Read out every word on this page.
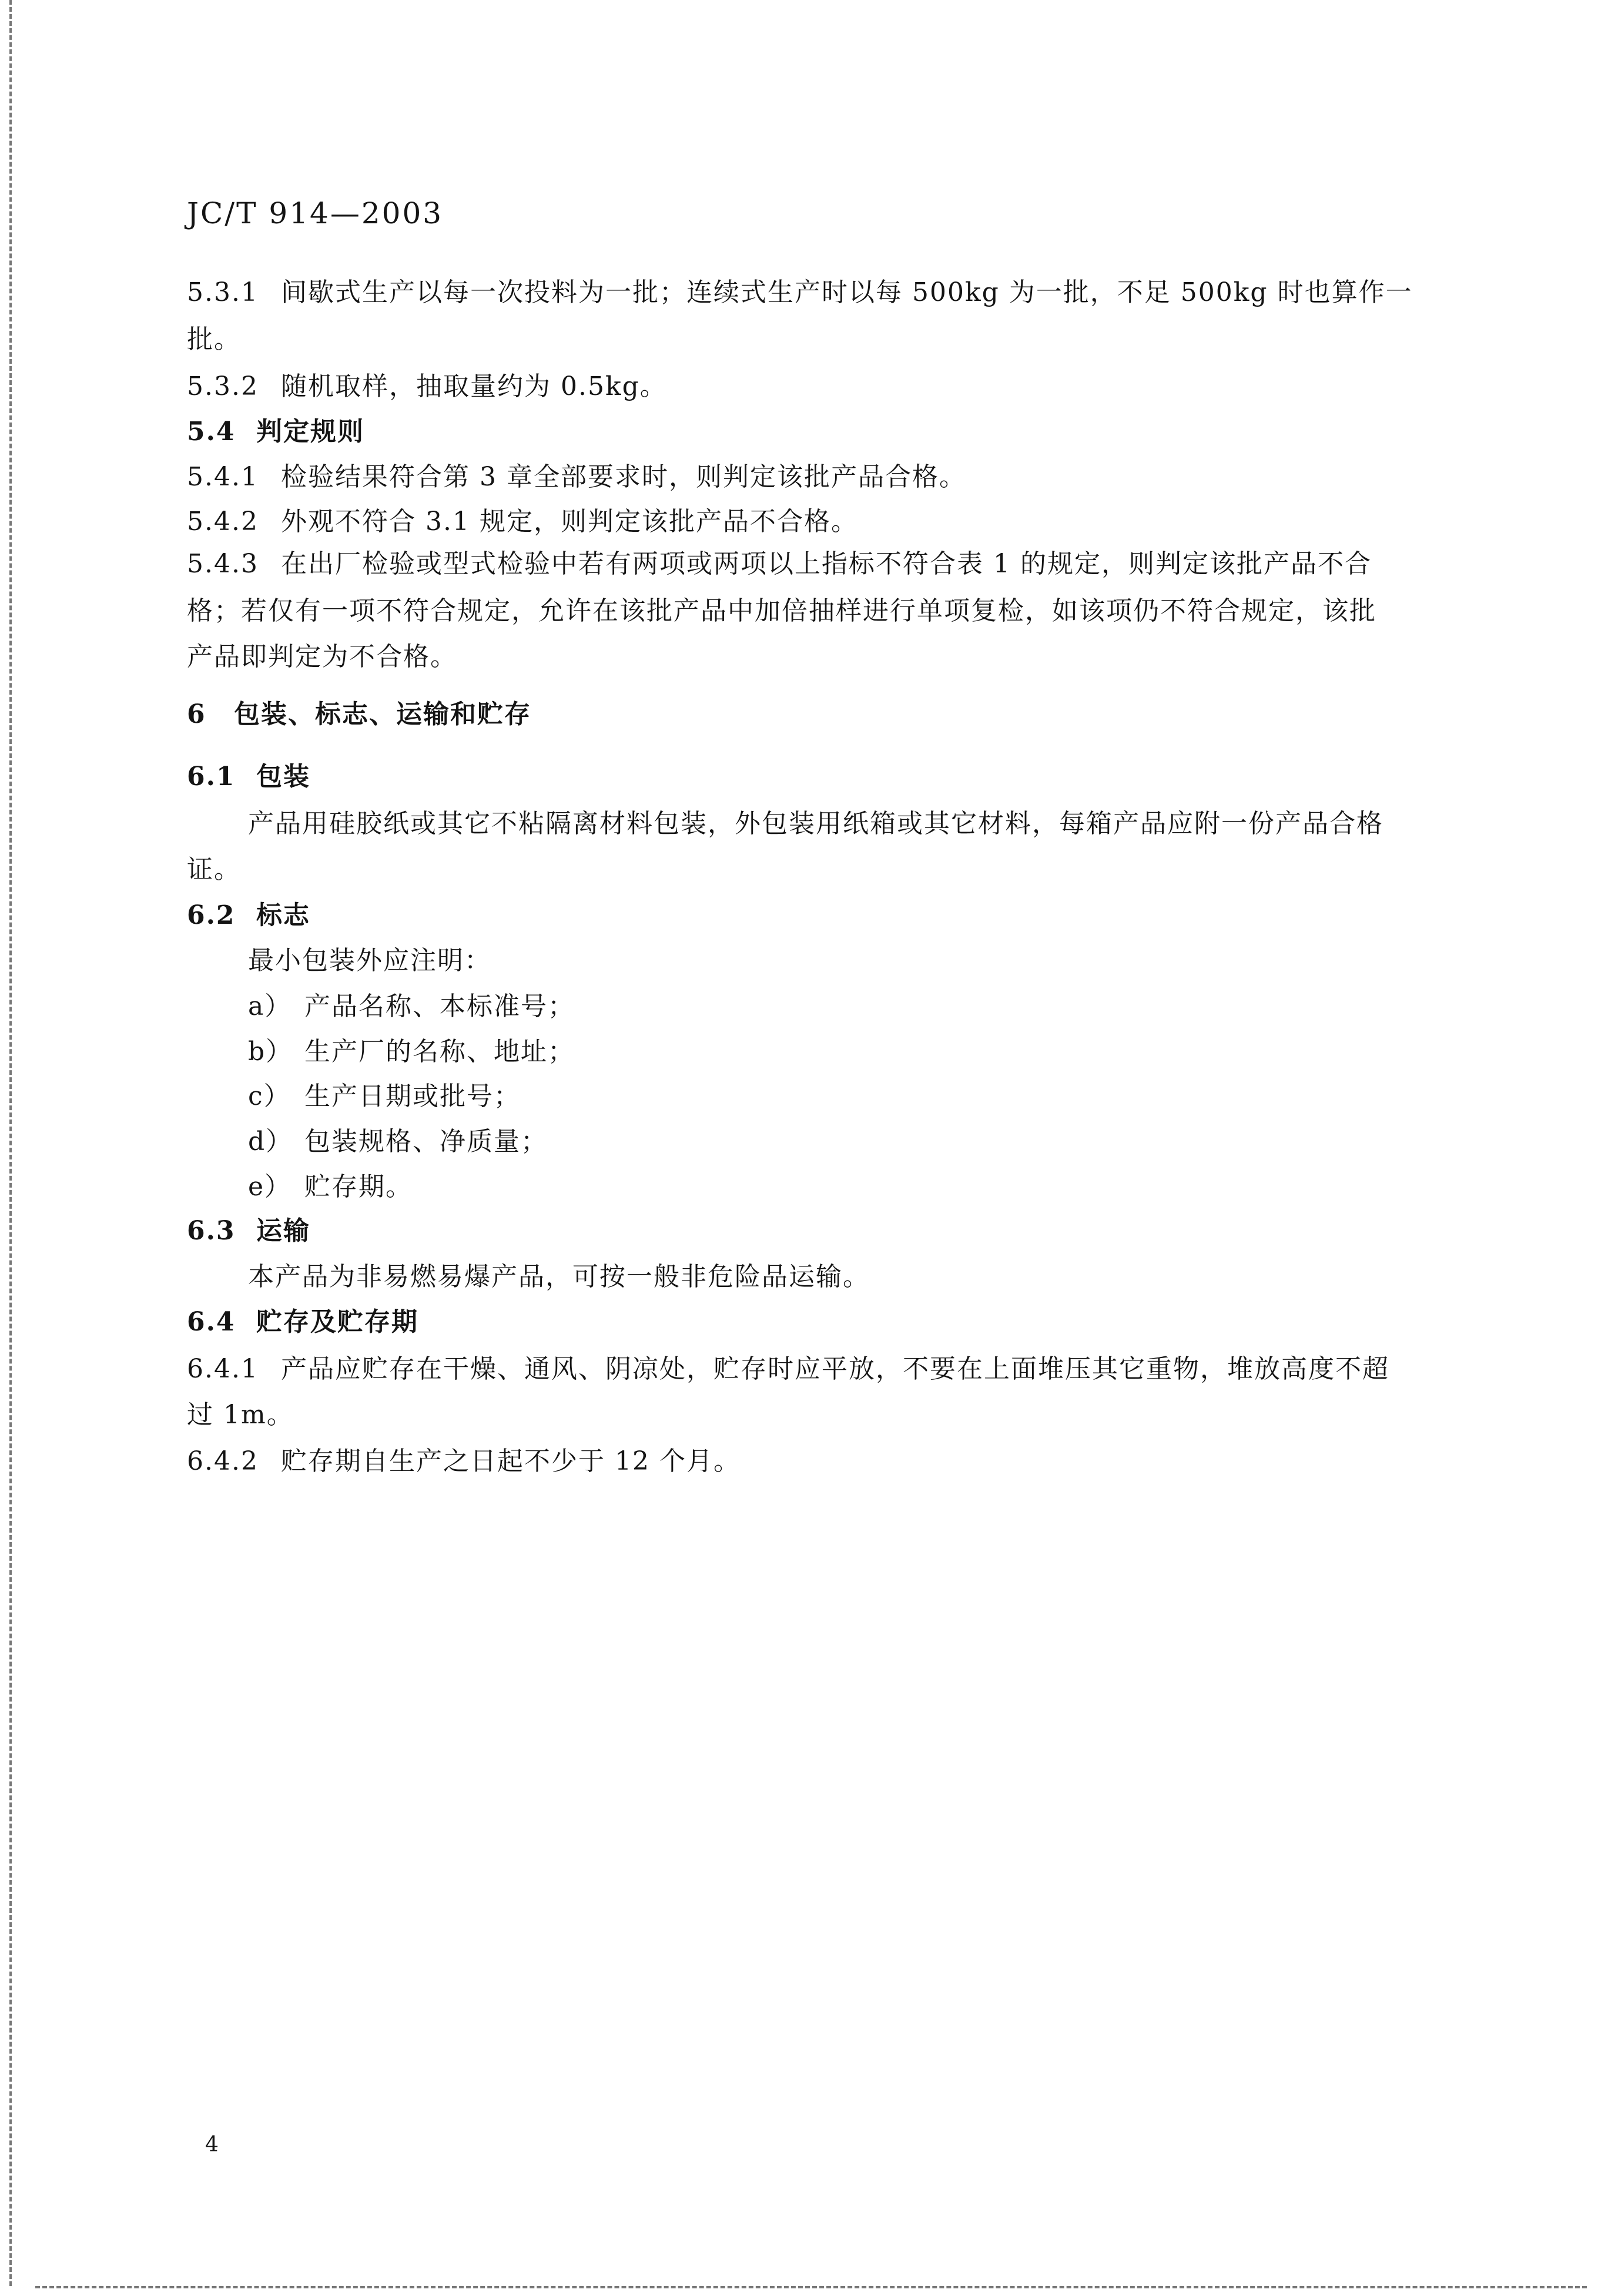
JC/T 914—2003
5.3.1 间歇式生产以每一次投料为一批；连续式生产时以每 500kg 为一批，不足 500kg 时也算作一
批。
5.3.2 随机取样，抽取量约为 0.5kg。
5.4 判定规则
5.4.1 检验结果符合第 3 章全部要求时，则判定该批产品合格。
5.4.2 外观不符合 3.1 规定，则判定该批产品不合格。
5.4.3 在出厂检验或型式检验中若有两项或两项以上指标不符合表 1 的规定，则判定该批产品不合
格；若仅有一项不符合规定，允许在该批产品中加倍抽样进行单项复检，如该项仍不符合规定，该批
产品即判定为不合格。
6 包装、标志、运输和贮存
6.1 包装
产品用硅胶纸或其它不粘隔离材料包装，外包装用纸箱或其它材料，每箱产品应附一份产品合格
证。
6.2 标志
最小包装外应注明：
a） 产品名称、本标准号；
b） 生产厂的名称、地址；
c） 生产日期或批号；
d） 包装规格、净质量；
e） 贮存期。
6.3 运输
本产品为非易燃易爆产品，可按一般非危险品运输。
6.4 贮存及贮存期
6.4.1 产品应贮存在干燥、通风、阴凉处，贮存时应平放，不要在上面堆压其它重物，堆放高度不超
过 1m。
6.4.2 贮存期自生产之日起不少于 12 个月。
4
